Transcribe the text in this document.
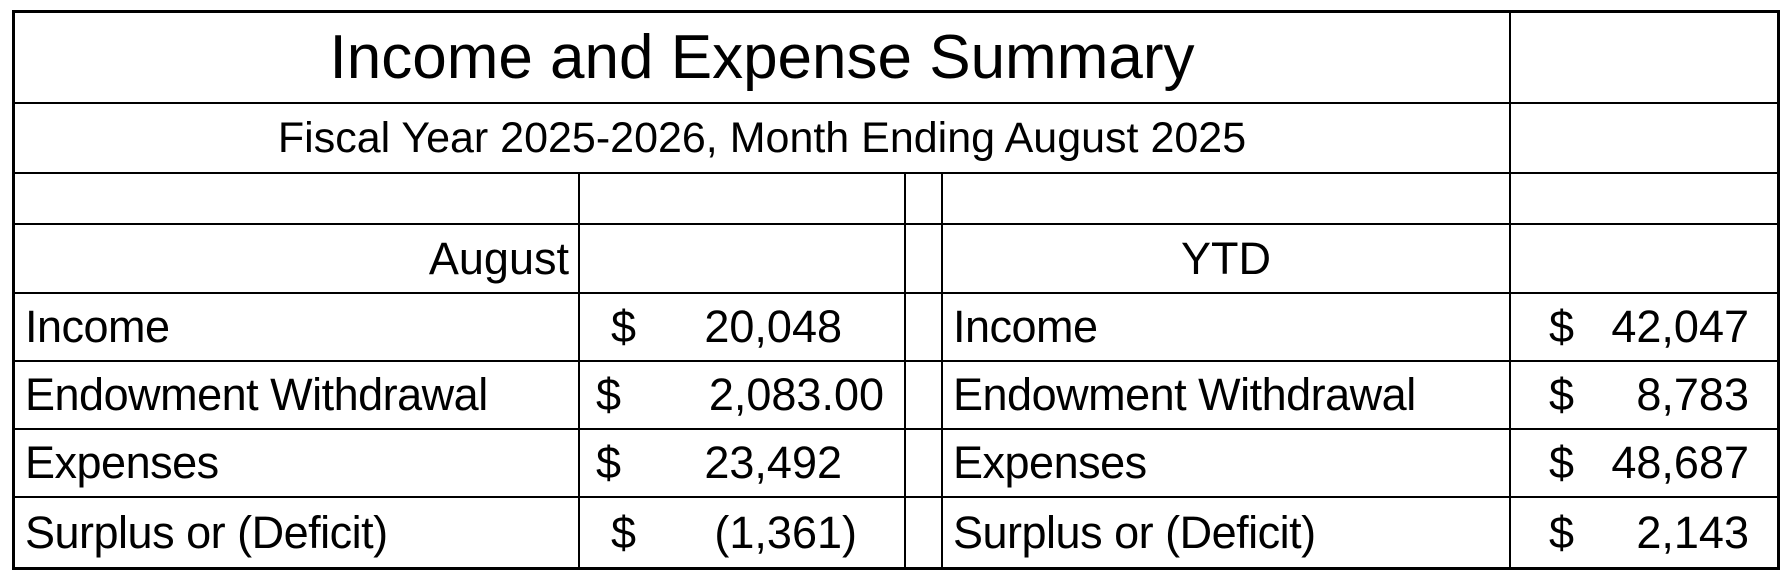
Income and Expense Summary
Fiscal Year 2025-2026, Month Ending August 2025
August	YTD
Income	$ 20,048 Income	$ 42,047
Endowment Withdrawal	$ 2,083.00 Endowment Withdrawal	$ 8,783
Expenses	$ 23,492 Expenses	$ 48,687
Surplus or (Deficit)	$ (1,361) Surplus or (Deficit)	$ 2,143
